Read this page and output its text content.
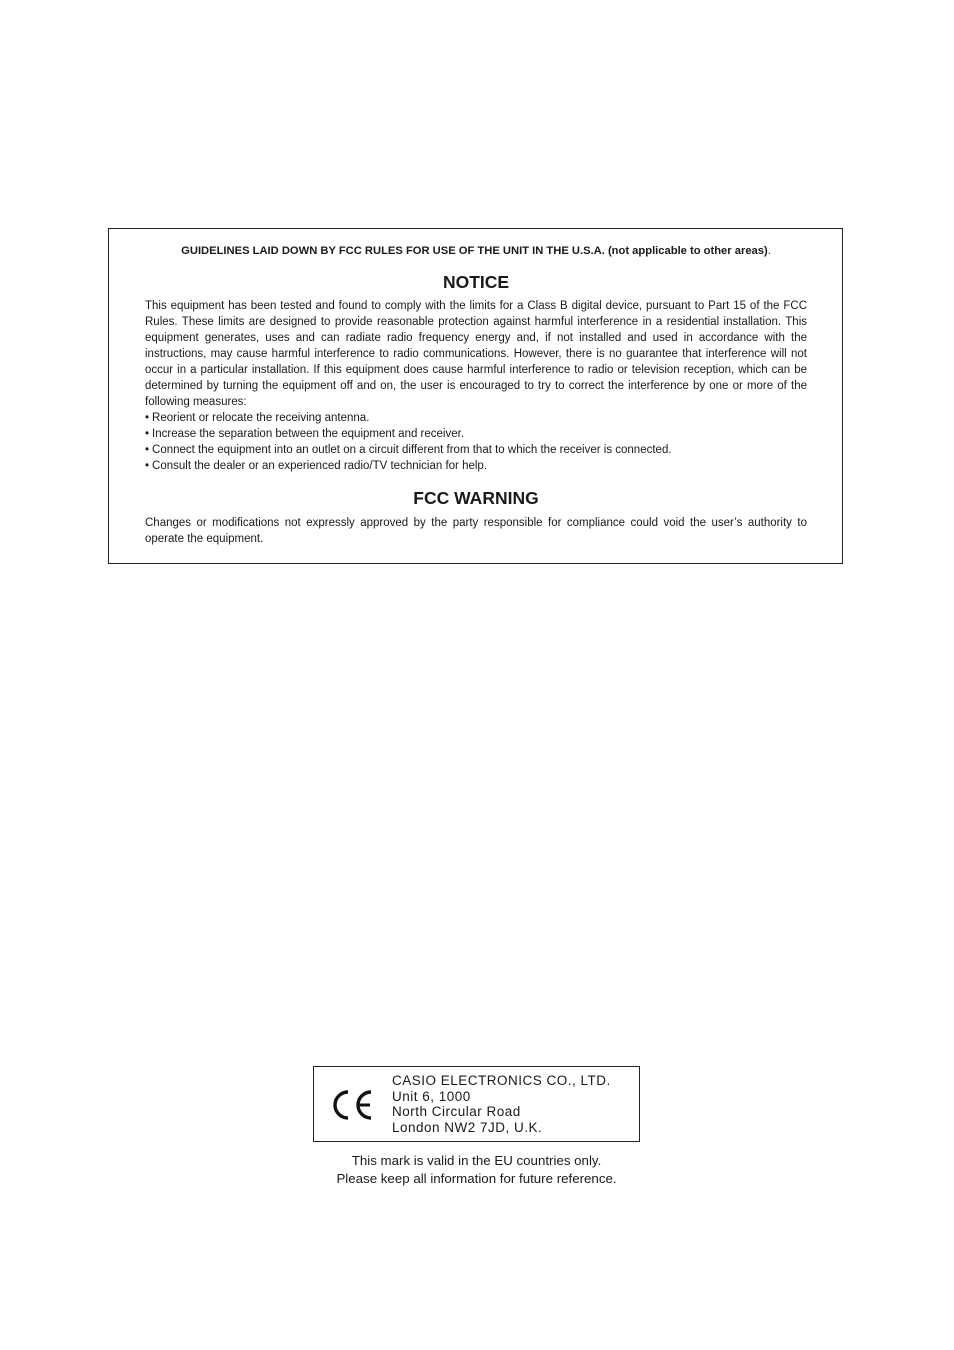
GUIDELINES LAID DOWN BY FCC RULES FOR USE OF THE UNIT IN THE U.S.A. (not applicable to other areas).

NOTICE

This equipment has been tested and found to comply with the limits for a Class B digital device, pursuant to Part 15 of the FCC Rules. These limits are designed to provide reasonable protection against harmful interference in a residential installation. This equipment generates, uses and can radiate radio frequency energy and, if not installed and used in accordance with the instructions, may cause harmful interference to radio communications. However, there is no guarantee that interference will not occur in a particular installation. If this equipment does cause harmful interference to radio or television reception, which can be determined by turning the equipment off and on, the user is encouraged to try to correct the interference by one or more of the following measures:

• Reorient or relocate the receiving antenna.
• Increase the separation between the equipment and receiver.
• Connect the equipment into an outlet on a circuit different from that to which the receiver is connected.
• Consult the dealer or an experienced radio/TV technician for help.
FCC WARNING

Changes or modifications not expressly approved by the party responsible for compliance could void the user’s authority to operate the equipment.

CASIO ELECTRONICS CO., LTD.
Unit 6, 1000
North Circular Road
London NW2 7JD, U.K.
This mark is valid in the EU countries only.
Please keep all information for future reference.
